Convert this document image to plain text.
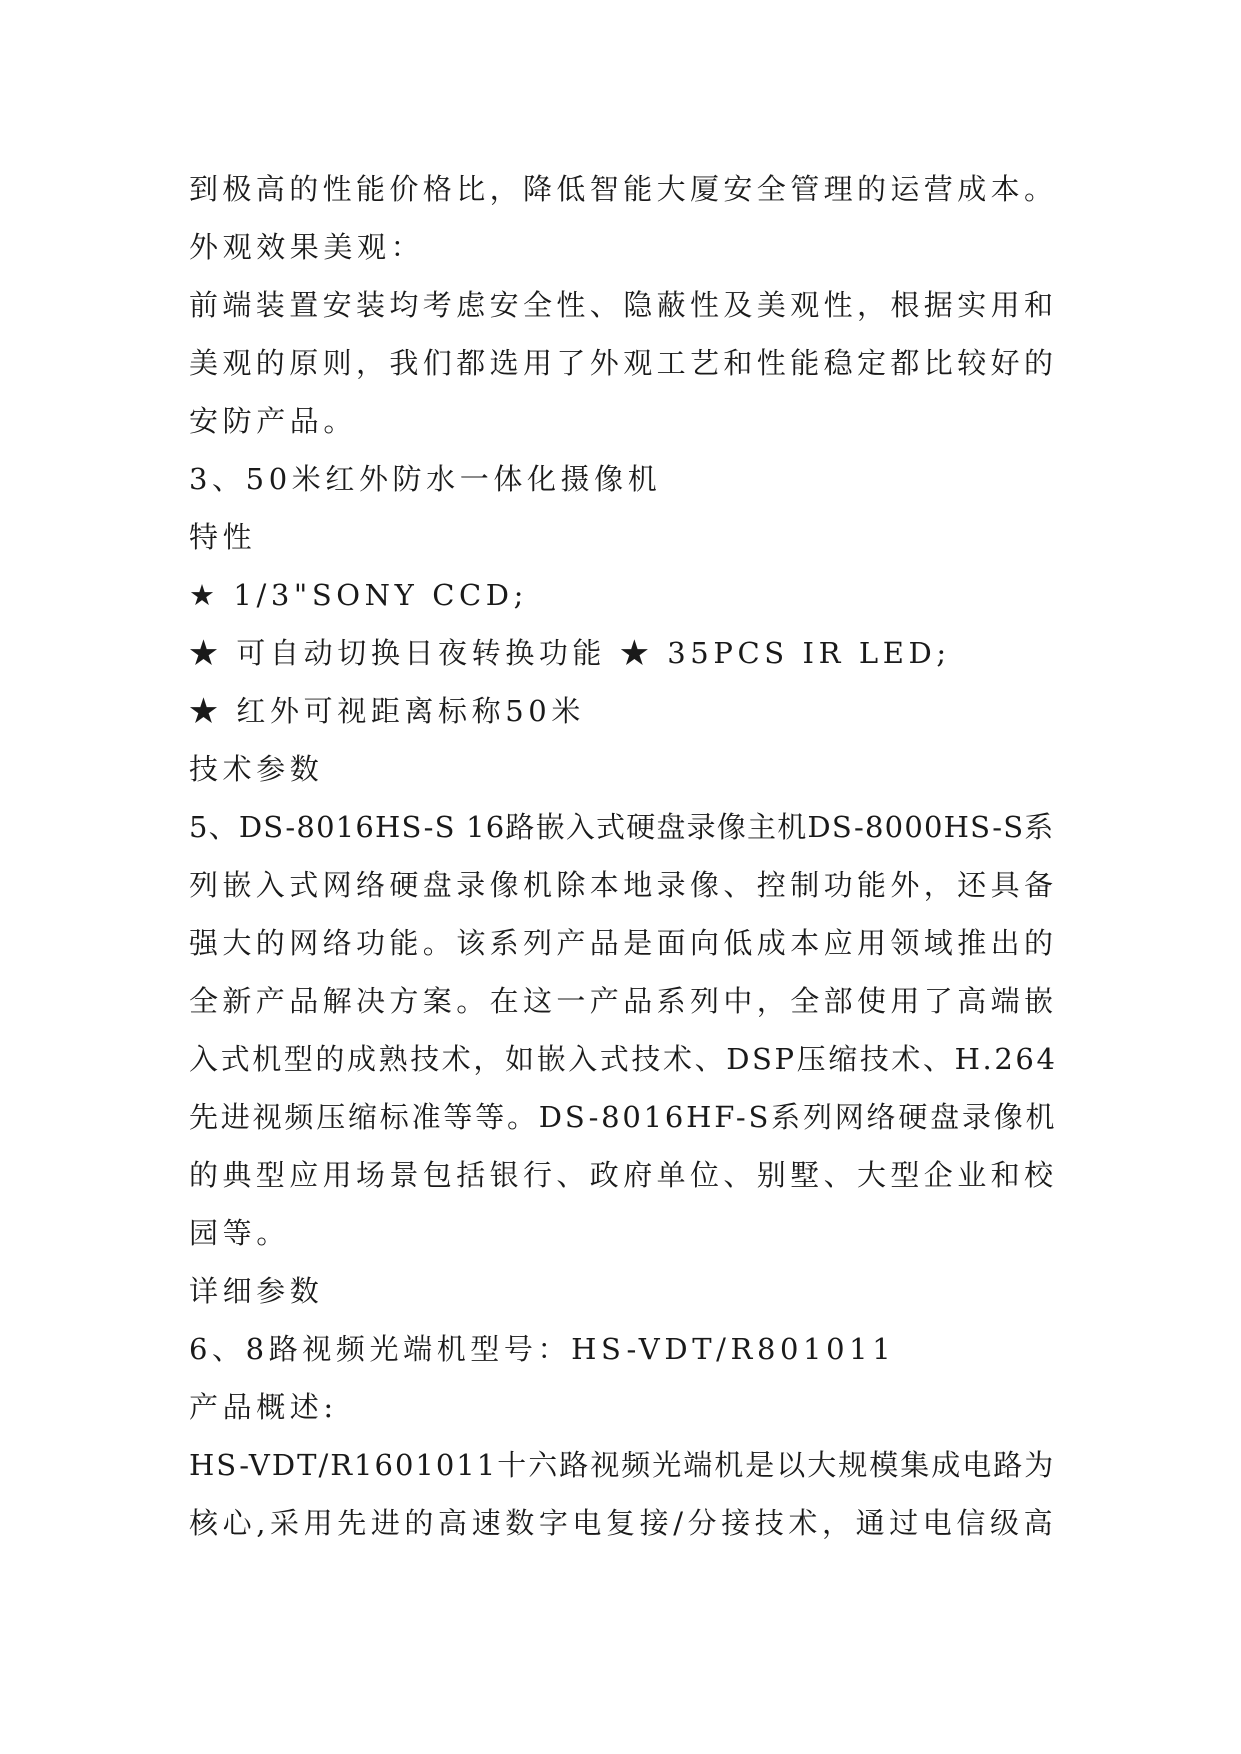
到极高的性能价格比，降低智能大厦安全管理的运营成本。
外观效果美观：
前端装置安装均考虑安全性、隐蔽性及美观性，根据实用和
美观的原则，我们都选用了外观工艺和性能稳定都比较好的
安防产品。
3、50米红外防水一体化摄像机
特性
★ 1/3"SONY CCD;
★ 可自动切换日夜转换功能 ★ 35PCS IR LED;
★ 红外可视距离标称50米
技术参数
5、DS-8016HS-S 16路嵌入式硬盘录像主机DS-8000HS-S系
列嵌入式网络硬盘录像机除本地录像、控制功能外，还具备
强大的网络功能。该系列产品是面向低成本应用领域推出的
全新产品解决方案。在这一产品系列中，全部使用了高端嵌
入式机型的成熟技术，如嵌入式技术、DSP压缩技术、H.264
先进视频压缩标准等等。DS-8016HF-S系列网络硬盘录像机
的典型应用场景包括银行、政府单位、别墅、大型企业和校
园等。
详细参数
6、8路视频光端机型号：HS-VDT/R801011
产品概述:
HS-VDT/R1601011十六路视频光端机是以大规模集成电路为
核心,采用先进的高速数字电复接/分接技术，通过电信级高
